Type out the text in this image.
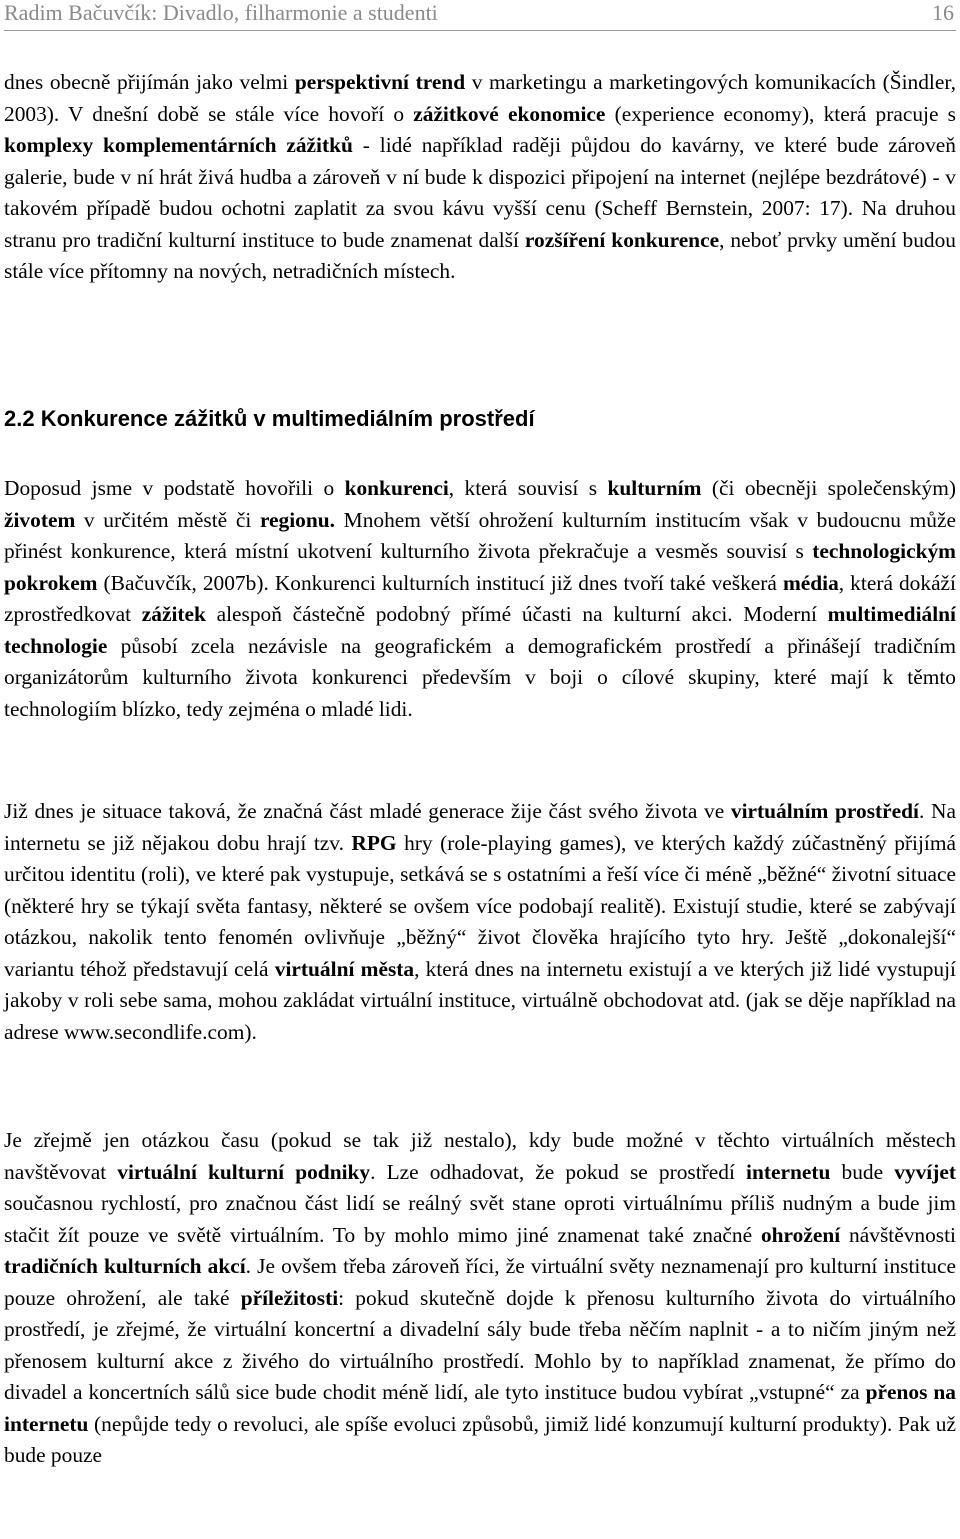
Radim Bačuvčík: Divadlo, filharmonie a studenti	16

dnes obecně přijímán jako velmi perspektivní trend v marketingu a marketingových komunikacích (Šindler, 2003). V dnešní době se stále více hovoří o zážitkové ekonomice (experience economy), která pracuje s komplexy komplementárních zážitků - lidé například raději půjdou do kavárny, ve které bude zároveň galerie, bude v ní hrát živá hudba a zároveň v ní bude k dispozici připojení na internet (nejlépe bezdrátové) - v takovém případě budou ochotni zaplatit za svou kávu vyšší cenu (Scheff Bernstein, 2007: 17). Na druhou stranu pro tradiční kulturní instituce to bude znamenat další rozšíření konkurence, neboť prvky umění budou stále více přítomny na nových, netradičních místech.

2.2 Konkurence zážitků v multimediálním prostředí

Doposud jsme v podstatě hovořili o konkurenci, která souvisí s kulturním (či obecněji společenským) životem v určitém městě či regionu. Mnohem větší ohrožení kulturním institucím však v budoucnu může přinést konkurence, která místní ukotvení kulturního života překračuje a vesměs souvisí s technologickým pokrokem (Bačuvčík, 2007b). Konkurenci kulturních institucí již dnes tvoří také veškerá média, která dokáží zprostředkovat zážitek alespoň částečně podobný přímé účasti na kulturní akci. Moderní multimediální technologie působí zcela nezávisle na geografickém a demografickém prostředí a přinášejí tradičním organizátorům kulturního života konkurenci především v boji o cílové skupiny, které mají k těmto technologiím blízko, tedy zejména o mladé lidi.

Již dnes je situace taková, že značná část mladé generace žije část svého života ve virtuálním prostředí. Na internetu se již nějakou dobu hrají tzv. RPG hry (role-playing games), ve kterých každý zúčastněný přijímá určitou identitu (roli), ve které pak vystupuje, setkává se s ostatními a řeší více či méně „běžné“ životní situace (některé hry se týkají světa fantasy, některé se ovšem více podobají realitě). Existují studie, které se zabývají otázkou, nakolik tento fenomén ovlivňuje „běžný“ život člověka hrajícího tyto hry. Ještě „dokonalejší“ variantu téhož představují celá virtuální města, která dnes na internetu existují a ve kterých již lidé vystupují jakoby v roli sebe sama, mohou zakládat virtuální instituce, virtuálně obchodovat atd. (jak se děje například na adrese www.secondlife.com).

Je zřejmě jen otázkou času (pokud se tak již nestalo), kdy bude možné v těchto virtuálních městech navštěvovat virtuální kulturní podniky. Lze odhadovat, že pokud se prostředí internetu bude vyvíjet současnou rychlostí, pro značnou část lidí se reálný svět stane oproti virtuálnímu příliš nudným a bude jim stačit žít pouze ve světě virtuálním. To by mohlo mimo jiné znamenat také značné ohrožení návštěvnosti tradičních kulturních akcí. Je ovšem třeba zároveň říci, že virtuální světy neznamenají pro kulturní instituce pouze ohrožení, ale také příležitosti: pokud skutečně dojde k přenosu kulturního života do virtuálního prostředí, je zřejmé, že virtuální koncertní a divadelní sály bude třeba něčím naplnit - a to ničím jiným než přenosem kulturní akce z živého do virtuálního prostředí. Mohlo by to například znamenat, že přímo do divadel a koncertních sálů sice bude chodit méně lidí, ale tyto instituce budou vybírat „vstupné“ za přenos na internetu (nepůjde tedy o revoluci, ale spíše evoluci způsobů, jimiž lidé konzumují kulturní produkty). Pak už bude pouze
